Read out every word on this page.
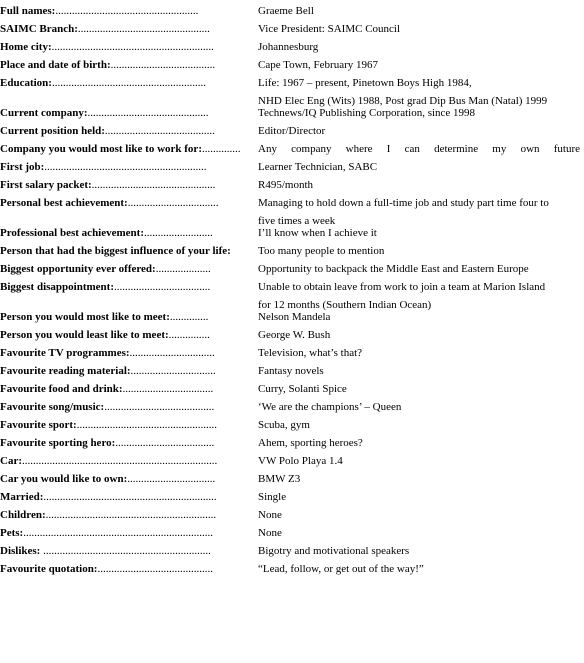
Full names:....................................................	Graeme Bell
SAIMC Branch:................................................	Vice President: SAIMC Council
Home city:...........................................................	Johannesburg
Place and date of birth:......................................	Cape Town, February 1967
Education:........................................................	Life: 1967 – present, Pinetown Boys High 1984,
NHD Elec Eng (Wits) 1988, Post grad Dip Bus Man (Natal) 1999
Current company:............................................	Technews/IQ Publishing Corporation, since 1998
Current position held:........................................	Editor/Director
Company you would most like to work for:..............	Any company where I can determine my own future
First job:...........................................................	Learner Technician, SABC
First salary packet:.............................................	R495/month
Personal best achievement:.................................	Managing to hold down a full-time job and study part time four to
five times a week
Professional best achievement:.........................	I’ll know when I achieve it
Person that had the biggest influence of your life:	Too many people to mention
Biggest opportunity ever offered:....................	Opportunity to backpack the Middle East and Eastern Europe
Biggest disappointment:...................................	Unable to obtain leave from work to join a team at Marion Island
for 12 months (Southern Indian Ocean)
Person you would most like to meet:..............	Nelson Mandela
Person you would least like to meet:...............	George W. Bush
Favourite TV programmes:...............................	Television, what’s that?
Favourite reading material:...............................	Fantasy novels
Favourite food and drink:.................................	Curry, Solanti Spice
Favourite song/music:........................................	‘We are the champions’ – Queen
Favourite sport:...................................................	Scuba, gym
Favourite sporting hero:....................................	Ahem, sporting heroes?
Car:.......................................................................	VW Polo Playa 1.4
Car you would like to own:................................	BMW Z3
Married:...............................................................	Single
Children:..............................................................	None
Pets:.....................................................................	None
Dislikes: .............................................................	Bigotry and motivational speakers
Favourite quotation:..........................................	“Lead, follow, or get out of the way!”
